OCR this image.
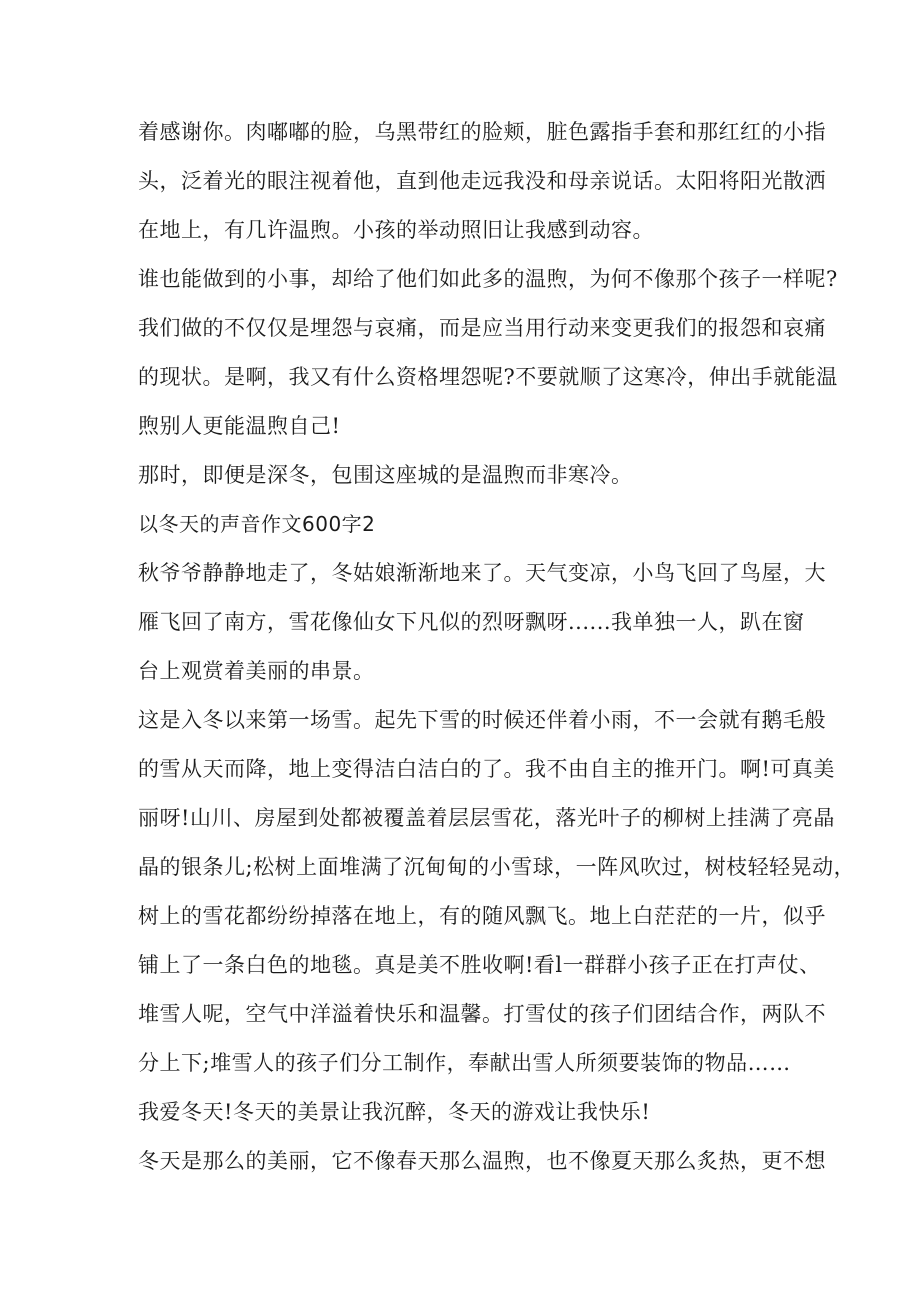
着感谢你。肉嘟嘟的脸，乌黑带红的脸颊，脏色露指手套和那红红的小指
头，泛着光的眼注视着他，直到他走远我没和母亲说话。太阳将阳光散洒
在地上，有几许温煦。小孩的举动照旧让我感到动容。
谁也能做到的小事，却给了他们如此多的温煦，为何不像那个孩子一样呢?
我们做的不仅仅是埋怨与哀痛，而是应当用行动来变更我们的报怨和哀痛
的现状。是啊，我又有什么资格埋怨呢?不要就顺了这寒冷，伸出手就能温
煦别人更能温煦自己!
那时，即便是深冬，包围这座城的是温煦而非寒冷。
以冬天的声音作文600字2
秋爷爷静静地走了，冬姑娘渐渐地来了。天气变凉，小鸟飞回了鸟屋，大
雁飞回了南方，雪花像仙女下凡似的烈呀飘呀......我单独一人，趴在窗
台上观赏着美丽的串景。
这是入冬以来第一场雪。起先下雪的时候还伴着小雨，不一会就有鹅毛般
的雪从天而降，地上变得洁白洁白的了。我不由自主的推开门。啊!可真美
丽呀!山川、房屋到处都被覆盖着层层雪花，落光叶子的柳树上挂满了亮晶
晶的银条儿;松树上面堆满了沉甸甸的小雪球，一阵风吹过，树枝轻轻晃动，
树上的雪花都纷纷掉落在地上，有的随风飘飞。地上白茫茫的一片，似乎
铺上了一条白色的地毯。真是美不胜收啊!看l一群群小孩子正在打声仗、
堆雪人呢，空气中洋溢着快乐和温馨。打雪仗的孩子们团结合作，两队不
分上下;堆雪人的孩子们分工制作，奉献出雪人所须要装饰的物品……
我爱冬天!冬天的美景让我沉醉，冬天的游戏让我快乐!
冬天是那么的美丽，它不像春天那么温煦，也不像夏天那么炙热，更不想
